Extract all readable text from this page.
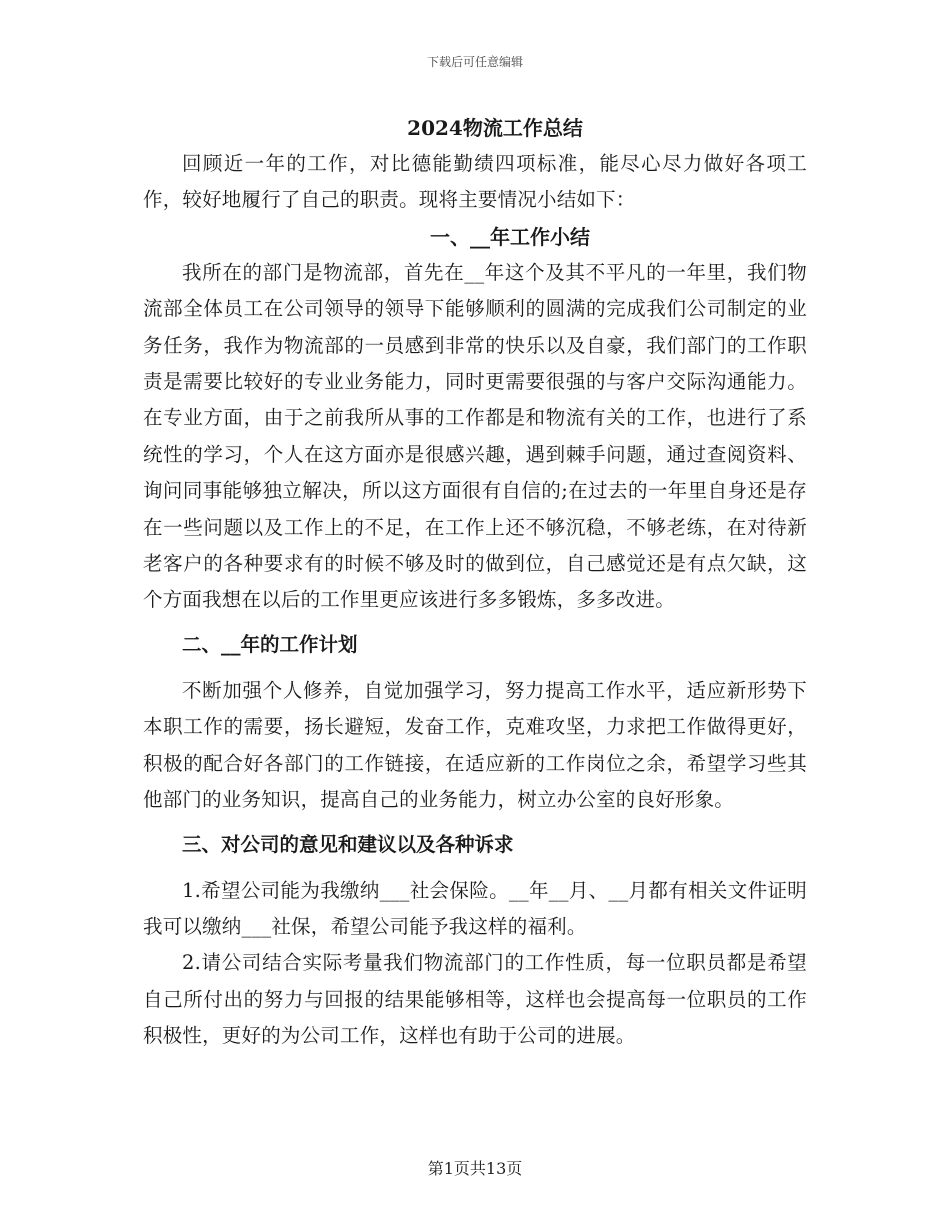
下载后可任意编辑
2024物流工作总结

回顾近一年的工作，对比德能勤绩四项标准，能尽心尽力做好各项工作，较好地履行了自己的职责。现将主要情况小结如下：

一、__年工作小结

我所在的部门是物流部，首先在__年这个及其不平凡的一年里，我们物流部全体员工在公司领导的领导下能够顺利的圆满的完成我们公司制定的业务任务，我作为物流部的一员感到非常的快乐以及自豪，我们部门的工作职责是需要比较好的专业业务能力，同时更需要很强的与客户交际沟通能力。在专业方面，由于之前我所从事的工作都是和物流有关的工作，也进行了系统性的学习，个人在这方面亦是很感兴趣，遇到棘手问题，通过查阅资料、询问同事能够独立解决，所以这方面很有自信的;在过去的一年里自身还是存在一些问题以及工作上的不足，在工作上还不够沉稳，不够老练，在对待新老客户的各种要求有的时候不够及时的做到位，自己感觉还是有点欠缺，这个方面我想在以后的工作里更应该进行多多锻炼，多多改进。

二、__年的工作计划

不断加强个人修养，自觉加强学习，努力提高工作水平，适应新形势下本职工作的需要，扬长避短，发奋工作，克难攻坚，力求把工作做得更好，积极的配合好各部门的工作链接，在适应新的工作岗位之余，希望学习些其他部门的业务知识，提高自己的业务能力，树立办公室的良好形象。

三、对公司的意见和建议以及各种诉求

1.希望公司能为我缴纳___社会保险。__年__月、__月都有相关文件证明我可以缴纳___社保，希望公司能予我这样的福利。

2.请公司结合实际考量我们物流部门的工作性质，每一位职员都是希望自己所付出的努力与回报的结果能够相等，这样也会提高每一位职员的工作积极性，更好的为公司工作，这样也有助于公司的进展。

第1页共13页
